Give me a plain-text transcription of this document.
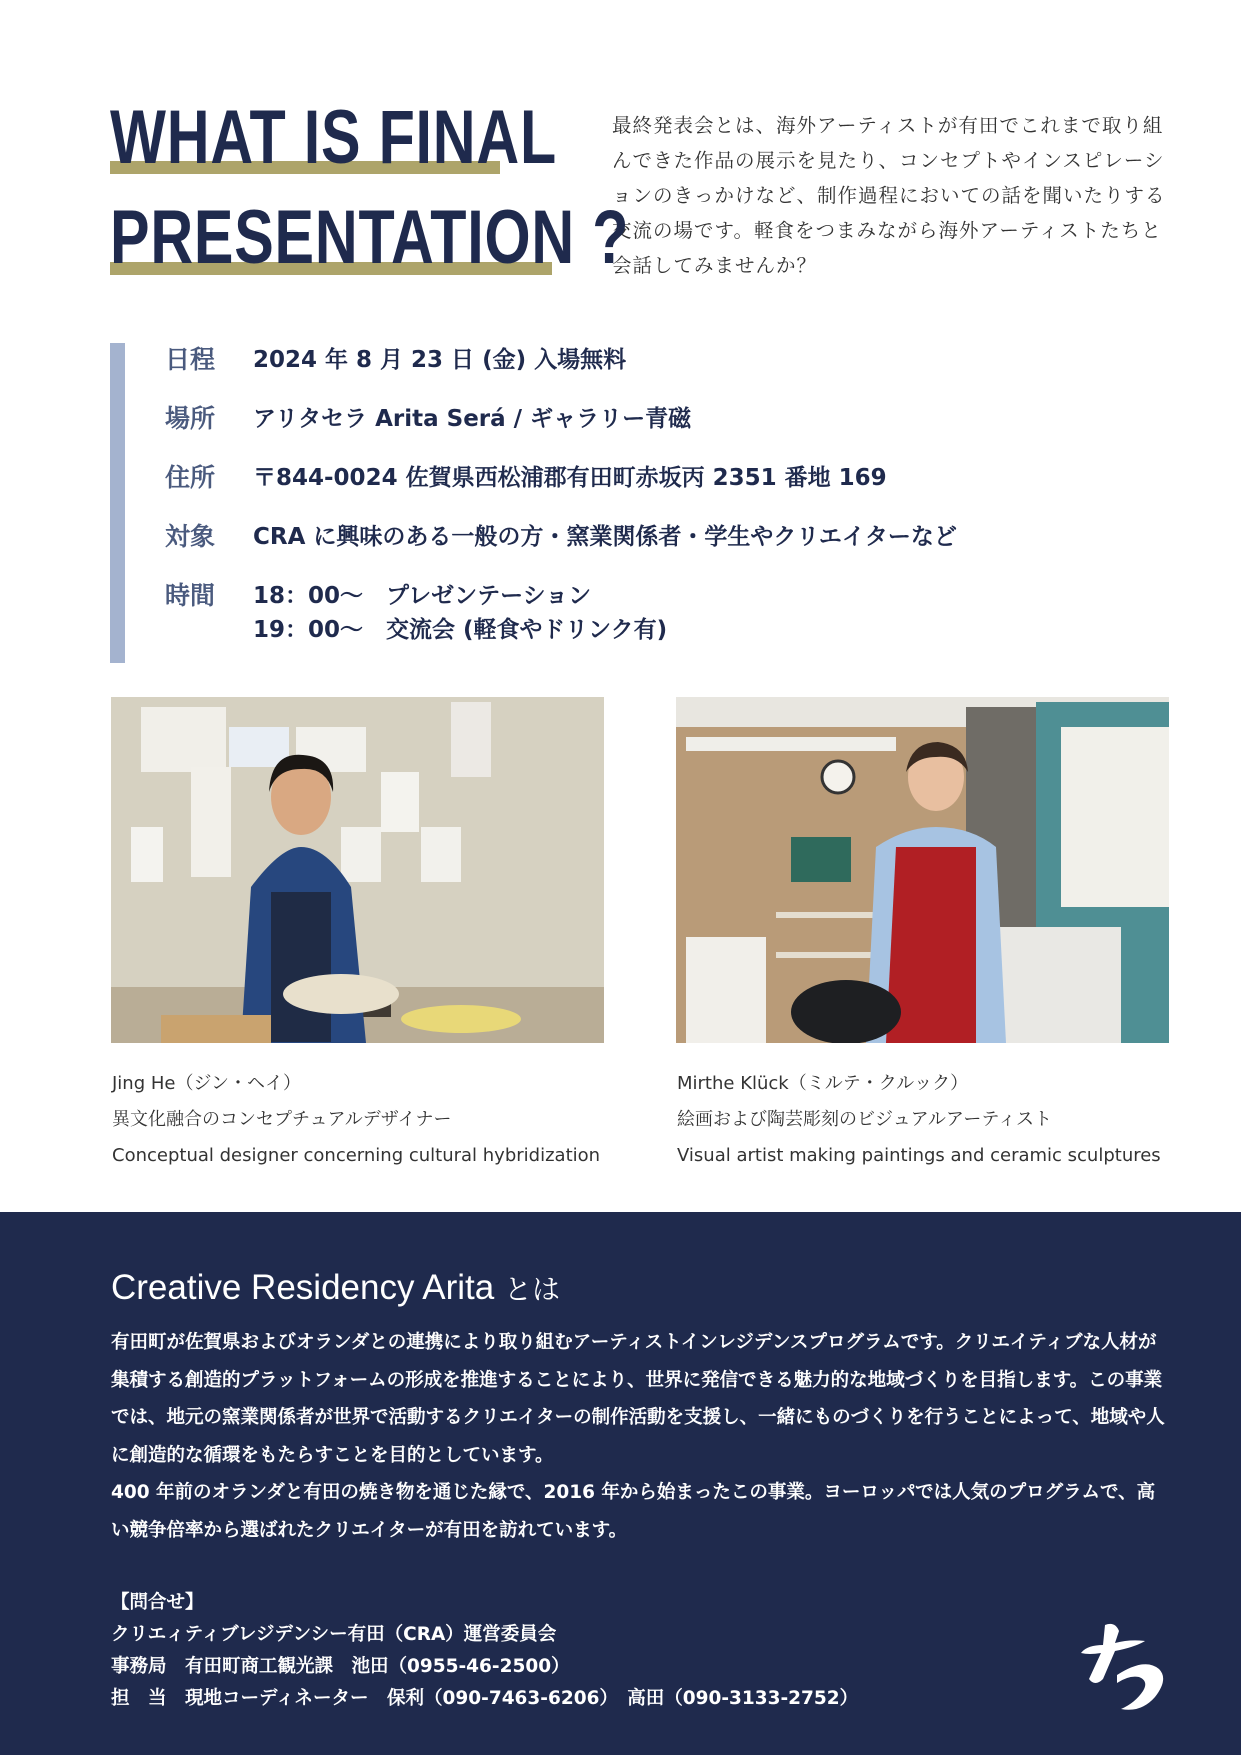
WHAT IS FINAL
PRESENTATION ?

最終発表会とは、海外アーティストが有田でこれまで取り組んできた作品の展示を見たり、コンセプトやインスピレーションのきっかけなど、制作過程においての話を聞いたりする交流の場です。軽食をつまみながら海外アーティストたちと会話してみませんか？

日程	2024 年 8 月 23 日 (金) 入場無料
場所	アリタセラ Arita Será / ギャラリー青磁
住所	〒844-0024 佐賀県西松浦郡有田町赤坂丙 2351 番地 169
対象	CRA に興味のある一般の方・窯業関係者・学生やクリエイターなど
時間	18：00〜　プレゼンテーション
19：00〜　交流会 (軽食やドリンク有)
Jing He（ジン・ヘイ）
異文化融合のコンセプチュアルデザイナー
Conceptual designer concerning cultural hybridization
Mirthe Klück（ミルテ・クルック）
絵画および陶芸彫刻のビジュアルアーティスト
Visual artist making paintings and ceramic sculptures
Creative Residency Arita とは
有田町が佐賀県およびオランダとの連携により取り組むアーティストインレジデンスプログラムです。クリエイティブな人材が集積する創造的プラットフォームの形成を推進することにより、世界に発信できる魅力的な地域づくりを目指します。この事業では、地元の窯業関係者が世界で活動するクリエイターの制作活動を支援し、一緒にものづくりを行うことによって、地域や人に創造的な循環をもたらすことを目的としています。
400 年前のオランダと有田の焼き物を通じた縁で、2016 年から始まったこの事業。ヨーロッパでは人気のプログラムで、高い競争倍率から選ばれたクリエイターが有田を訪れています。
【問合せ】
クリエィティブレジデンシー有田（CRA）運営委員会
事務局　有田町商工観光課　池田（0955-46-2500）
担　当　現地コーディネーター　保利（090-7463-6206）　高田（090-3133-2752）
